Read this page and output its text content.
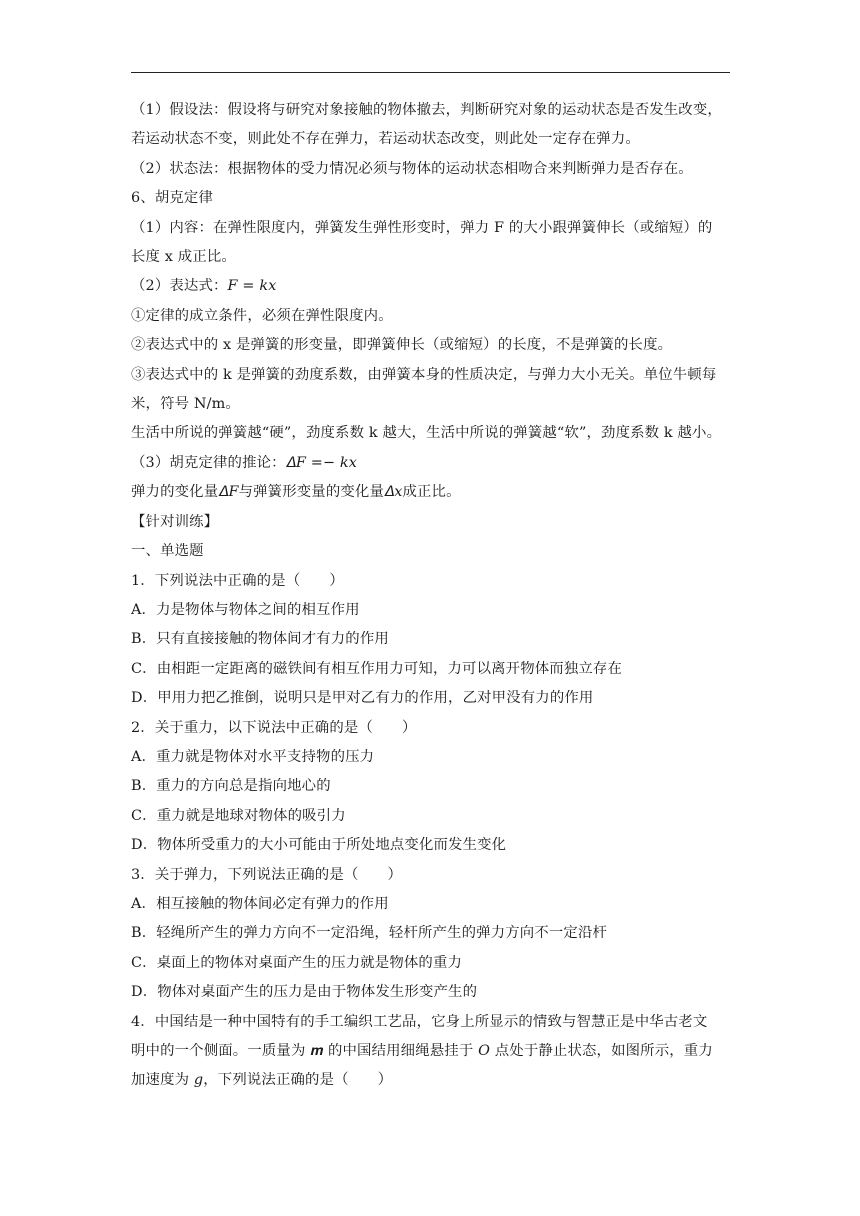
（1）假设法：假设将与研究对象接触的物体撤去，判断研究对象的运动状态是否发生改变，
若运动状态不变，则此处不存在弹力，若运动状态改变，则此处一定存在弹力。
（2）状态法：根据物体的受力情况必须与物体的运动状态相吻合来判断弹力是否存在。
6、胡克定律
（1）内容：在弹性限度内，弹簧发生弹性形变时，弹力 F 的大小跟弹簧伸长（或缩短）的
长度 x 成正比。
（2）表达式：𝐹 = 𝑘𝑥
①定律的成立条件，必须在弹性限度内。
②表达式中的 x 是弹簧的形变量，即弹簧伸长（或缩短）的长度，不是弹簧的长度。
③表达式中的 k 是弹簧的劲度系数，由弹簧本身的性质决定，与弹力大小无关。单位牛顿每
米，符号 N/m。
生活中所说的弹簧越“硬”，劲度系数 k 越大，生活中所说的弹簧越“软”，劲度系数 k 越小。
（3）胡克定律的推论：𝛥𝐹 =− 𝑘𝑥
弹力的变化量𝛥𝐹与弹簧形变量的变化量𝛥𝑥成正比。
【针对训练】
一、单选题
1．下列说法中正确的是（　　）
A．力是物体与物体之间的相互作用
B．只有直接接触的物体间才有力的作用
C．由相距一定距离的磁铁间有相互作用力可知，力可以离开物体而独立存在
D．甲用力把乙推倒，说明只是甲对乙有力的作用，乙对甲没有力的作用
2．关于重力，以下说法中正确的是（　　）
A．重力就是物体对水平支持物的压力
B．重力的方向总是指向地心的
C．重力就是地球对物体的吸引力
D．物体所受重力的大小可能由于所处地点变化而发生变化
3．关于弹力，下列说法正确的是（　　）
A．相互接触的物体间必定有弹力的作用
B．轻绳所产生的弹力方向不一定沿绳，轻杆所产生的弹力方向不一定沿杆
C．桌面上的物体对桌面产生的压力就是物体的重力
D．物体对桌面产生的压力是由于物体发生形变产生的
4．中国结是一种中国特有的手工编织工艺品，它身上所显示的情致与智慧正是中华古老文
明中的一个侧面。一质量为 𝒎 的中国结用细绳悬挂于 𝑂 点处于静止状态，如图所示，重力
加速度为 𝑔，下列说法正确的是（　　）
